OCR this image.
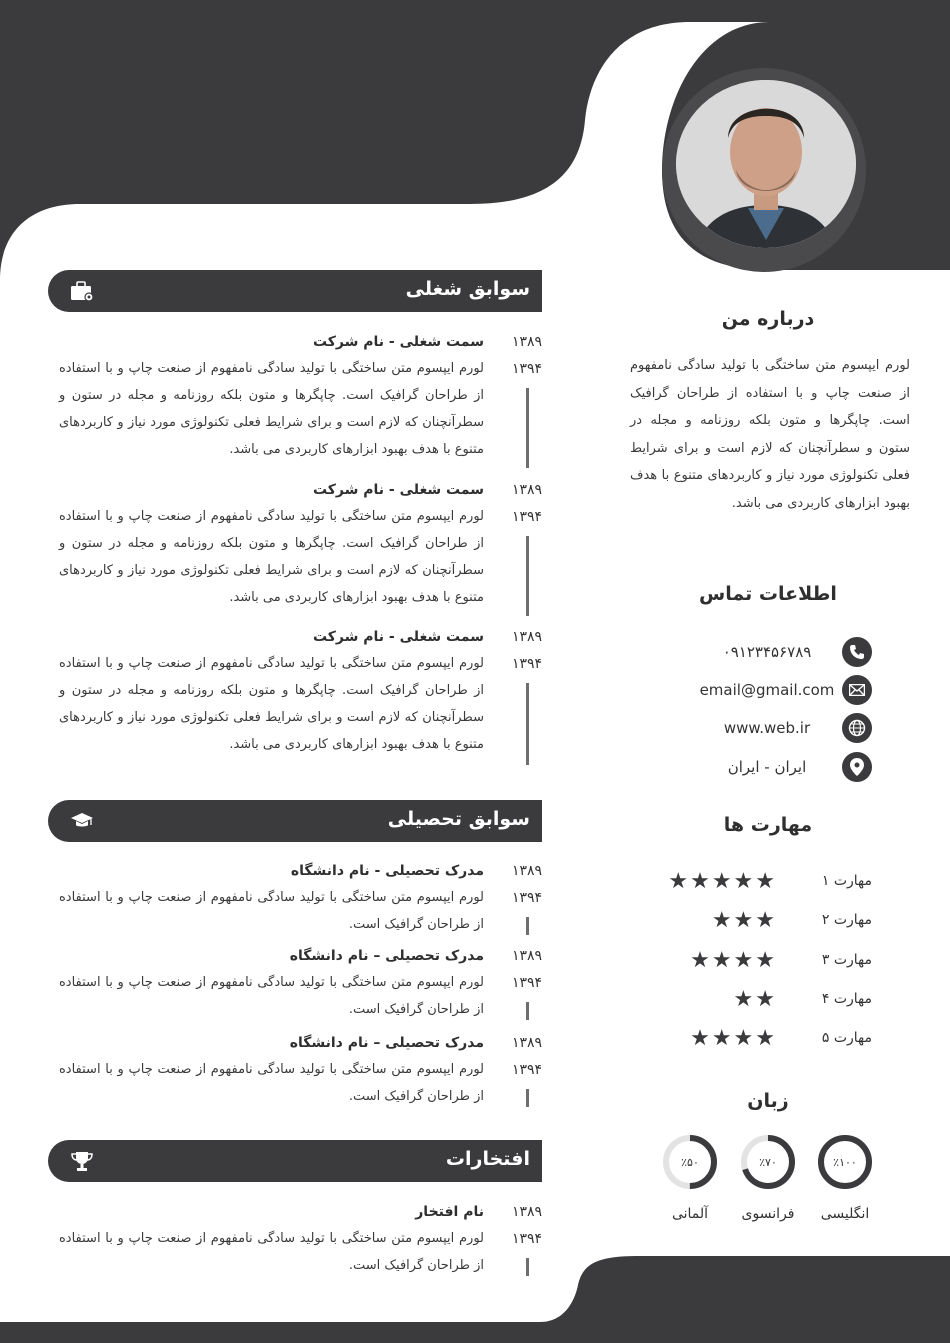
درباره من
لورم ایپسوم متن ساختگی با تولید سادگی نامفهوم از صنعت چاپ و با استفاده از طراحان گرافیک است. چاپگرها و متون بلکه روزنامه و مجله در ستون و سطرآنچنان که لازم است و برای شرایط فعلی تکنولوژی مورد نیاز و کاربردهای متنوع با هدف بهبود ابزارهای کاربردی می باشد.
اطلاعات تماس
۰۹۱۲۳۴۵۶۷۸۹
email@gmail.com
www.web.ir
ایران - ایران
مهارت ها
مهارت ۱
★★★★★
مهارت ۲
★★★
مهارت ۳
★★★★
مهارت ۴
★★
مهارت ۵
★★★★
زبان
٪۱۰۰
٪۷۰
٪۵۰
انگلیسی
فرانسوی
آلمانی
سوابق شغلی
۱۳۸۹
۱۳۹۴
سمت شغلی - نام شرکت
لورم ایپسوم متن ساختگی با تولید سادگی نامفهوم از صنعت چاپ و با استفاده از طراحان گرافیک است. چاپگرها و متون بلکه روزنامه و مجله در ستون و سطرآنچنان که لازم است و برای شرایط فعلی تکنولوژی مورد نیاز و کاربردهای متنوع با هدف بهبود ابزارهای کاربردی می باشد.
۱۳۸۹
۱۳۹۴
سمت شغلی - نام شرکت
لورم ایپسوم متن ساختگی با تولید سادگی نامفهوم از صنعت چاپ و با استفاده از طراحان گرافیک است. چاپگرها و متون بلکه روزنامه و مجله در ستون و سطرآنچنان که لازم است و برای شرایط فعلی تکنولوژی مورد نیاز و کاربردهای متنوع با هدف بهبود ابزارهای کاربردی می باشد.
۱۳۸۹
۱۳۹۴
سمت شغلی - نام شرکت
لورم ایپسوم متن ساختگی با تولید سادگی نامفهوم از صنعت چاپ و با استفاده از طراحان گرافیک است. چاپگرها و متون بلکه روزنامه و مجله در ستون و سطرآنچنان که لازم است و برای شرایط فعلی تکنولوژی مورد نیاز و کاربردهای متنوع با هدف بهبود ابزارهای کاربردی می باشد.
سوابق تحصیلی
۱۳۸۹
۱۳۹۴
مدرک تحصیلی - نام دانشگاه
لورم ایپسوم متن ساختگی با تولید سادگی نامفهوم از صنعت چاپ و با استفاده از طراحان گرافیک است.
۱۳۸۹
۱۳۹۴
مدرک تحصیلی – نام دانشگاه
لورم ایپسوم متن ساختگی با تولید سادگی نامفهوم از صنعت چاپ و با استفاده از طراحان گرافیک است.
۱۳۸۹
۱۳۹۴
مدرک تحصیلی – نام دانشگاه
لورم ایپسوم متن ساختگی با تولید سادگی نامفهوم از صنعت چاپ و با استفاده از طراحان گرافیک است.
افتخارات
۱۳۸۹
۱۳۹۴
نام افتخار
لورم ایپسوم متن ساختگی با تولید سادگی نامفهوم از صنعت چاپ و با استفاده از طراحان گرافیک است.
